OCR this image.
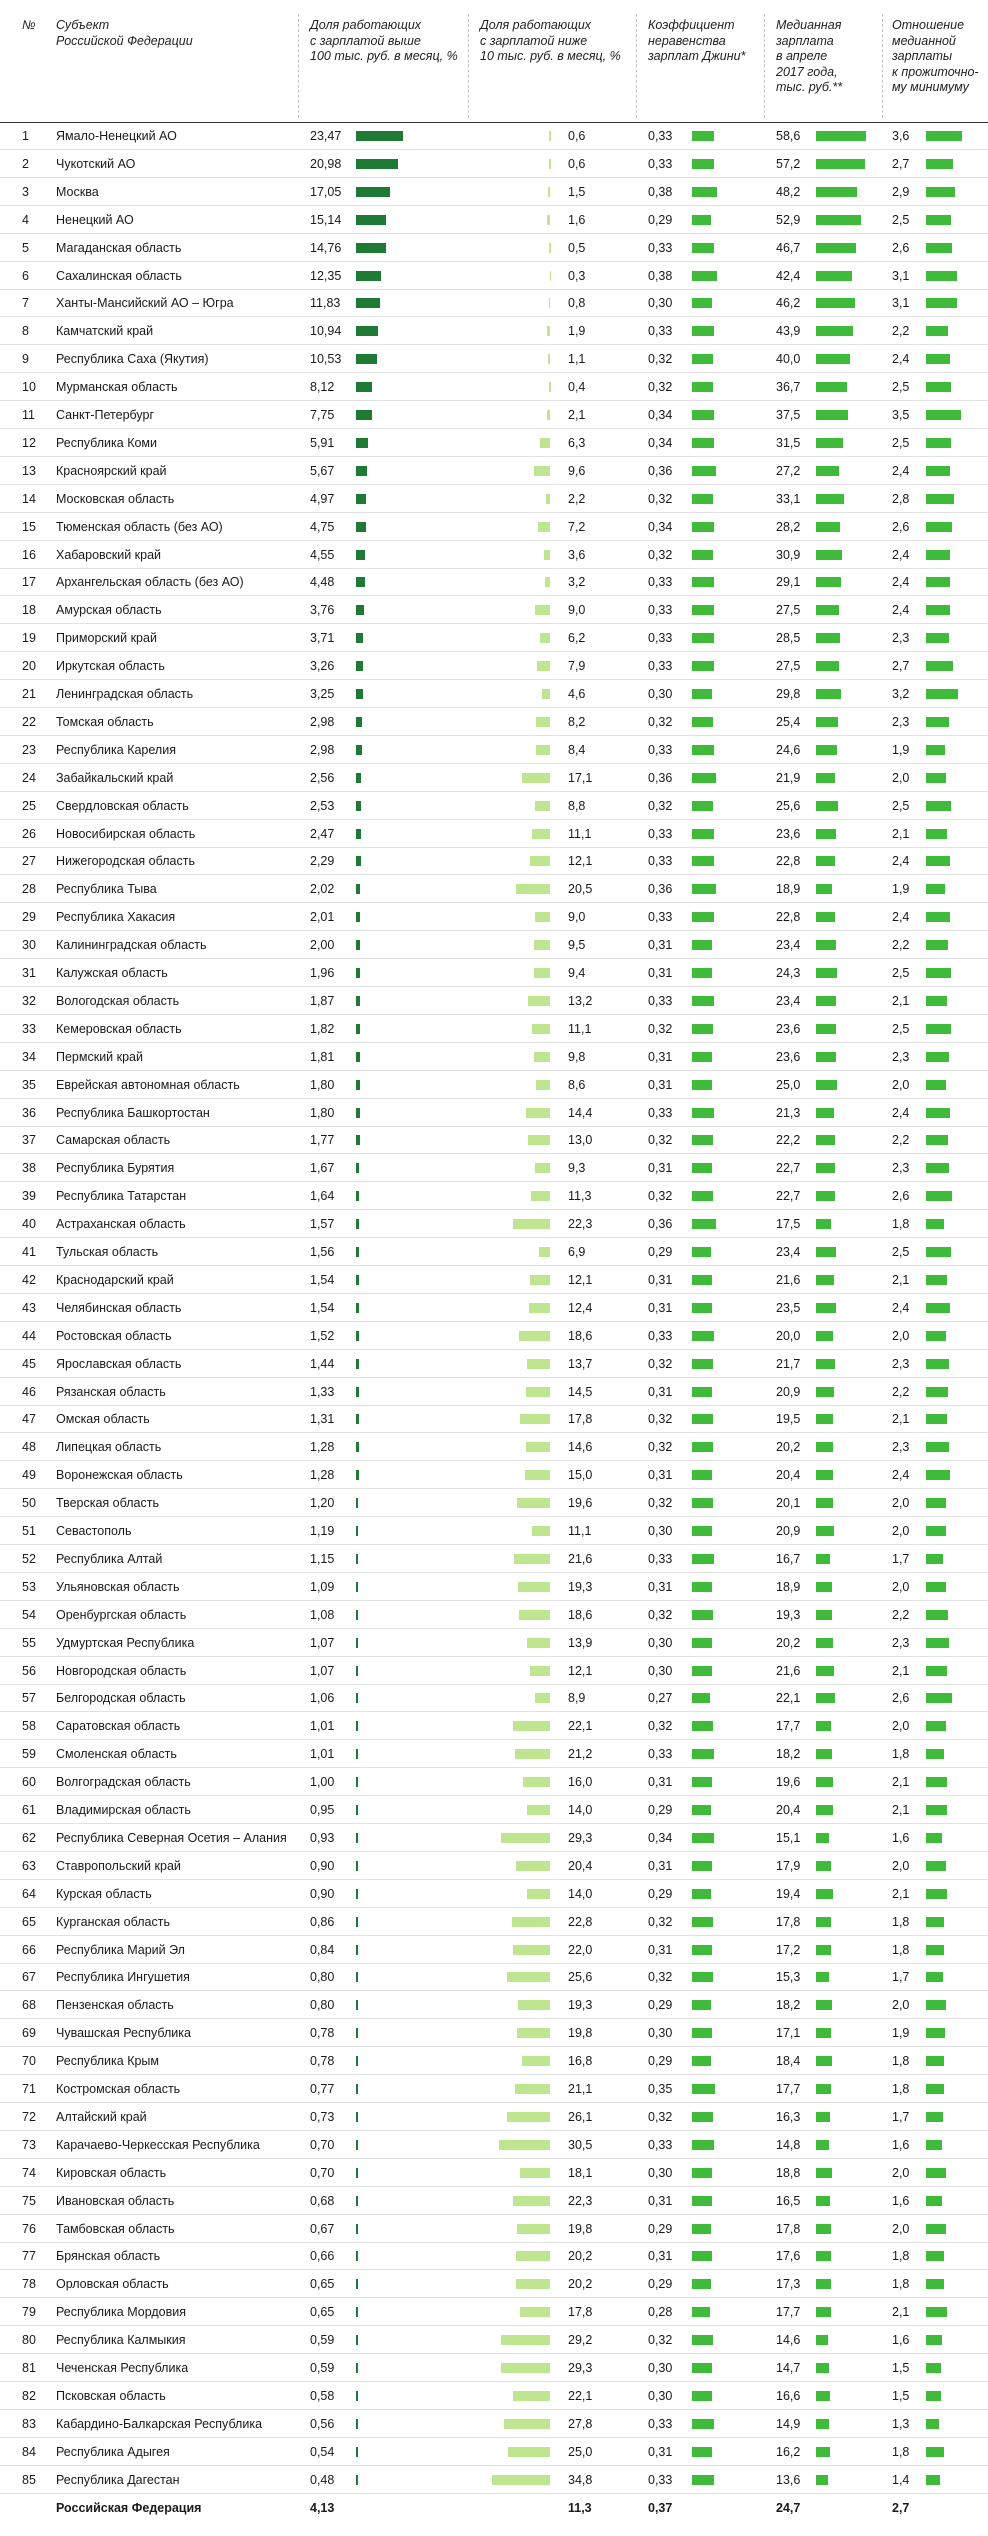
№ Субъект
Российской Федерации
Доля работающих
с зарплатой выше
100 тыс. руб. в месяц, %
Доля работающих
с зарплатой ниже
10 тыс. руб. в месяц, %
Коэффициент
неравенства
зарплат Джини*
Медианная
зарплата
в апреле
2017 года,
тыс. руб.**
Отношение
медианной
зарплаты
к прожиточно-
му минимуму
1 Ямало-Ненецкий АО	23,47	0,6	0,33	58,6	3,6
2 Чукотский АО	20,98	0,6	0,33	57,2	2,7
3 Москва	17,05	1,5	0,38	48,2	2,9
4 Ненецкий АО	15,14	1,6	0,29	52,9	2,5
5 Магаданская область	14,76	0,5	0,33	46,7	2,6
6 Сахалинская область	12,35	0,3	0,38	42,4	3,1
7 Ханты-Мансийский АО – Югра	11,83	0,8	0,30	46,2	3,1
8 Камчатский край	10,94	1,9	0,33	43,9	2,2
9 Республика Саха (Якутия)	10,53	1,1	0,32	40,0	2,4
10 Мурманская область	8,12	0,4	0,32	36,7	2,5
11 Санкт-Петербург	7,75	2,1	0,34	37,5	3,5
12 Республика Коми	5,91	6,3	0,34	31,5	2,5
13 Красноярский край	5,67	9,6	0,36	27,2	2,4
14 Московская область	4,97	2,2	0,32	33,1	2,8
15 Тюменская область (без АО)	4,75	7,2	0,34	28,2	2,6
16 Хабаровский край	4,55	3,6	0,32	30,9	2,4
17 Архангельская область (без АО)	4,48	3,2	0,33	29,1	2,4
18 Амурская область	3,76	9,0	0,33	27,5	2,4
19 Приморский край	3,71	6,2	0,33	28,5	2,3
20 Иркутская область	3,26	7,9	0,33	27,5	2,7
21 Ленинградская область	3,25	4,6	0,30	29,8	3,2
22 Томская область	2,98	8,2	0,32	25,4	2,3
23 Республика Карелия	2,98	8,4	0,33	24,6	1,9
24 Забайкальский край	2,56	17,1	0,36	21,9	2,0
25 Свердловская область	2,53	8,8	0,32	25,6	2,5
26 Новосибирская область	2,47	11,1	0,33	23,6	2,1
27 Нижегородская область	2,29	12,1	0,33	22,8	2,4
28 Республика Тыва	2,02	20,5	0,36	18,9	1,9
29 Республика Хакасия	2,01	9,0	0,33	22,8	2,4
30 Калининградская область	2,00	9,5	0,31	23,4	2,2
31 Калужская область	1,96	9,4	0,31	24,3	2,5
32 Вологодская область	1,87	13,2	0,33	23,4	2,1
33 Кемеровская область	1,82	11,1	0,32	23,6	2,5
34 Пермский край	1,81	9,8	0,31	23,6	2,3
35 Еврейская автономная область	1,80	8,6	0,31	25,0	2,0
36 Республика Башкортостан	1,80	14,4	0,33	21,3	2,4
37 Самарская область	1,77	13,0	0,32	22,2	2,2
38 Республика Бурятия	1,67	9,3	0,31	22,7	2,3
39 Республика Татарстан	1,64	11,3	0,32	22,7	2,6
40 Астраханская область	1,57	22,3	0,36	17,5	1,8
41 Тульская область	1,56	6,9	0,29	23,4	2,5
42 Краснодарский край	1,54	12,1	0,31	21,6	2,1
43 Челябинская область	1,54	12,4	0,31	23,5	2,4
44 Ростовская область	1,52	18,6	0,33	20,0	2,0
45 Ярославская область	1,44	13,7	0,32	21,7	2,3
46 Рязанская область	1,33	14,5	0,31	20,9	2,2
47 Омская область	1,31	17,8	0,32	19,5	2,1
48 Липецкая область	1,28	14,6	0,32	20,2	2,3
49 Воронежская область	1,28	15,0	0,31	20,4	2,4
50 Тверская область	1,20	19,6	0,32	20,1	2,0
51 Севастополь	1,19	11,1	0,30	20,9	2,0
52 Республика Алтай	1,15	21,6	0,33	16,7	1,7
53 Ульяновская область	1,09	19,3	0,31	18,9	2,0
54 Оренбургская область	1,08	18,6	0,32	19,3	2,2
55 Удмуртская Республика	1,07	13,9	0,30	20,2	2,3
56 Новгородская область	1,07	12,1	0,30	21,6	2,1
57 Белгородская область	1,06	8,9	0,27	22,1	2,6
58 Саратовская область	1,01	22,1	0,32	17,7	2,0
59 Смоленская область	1,01	21,2	0,33	18,2	1,8
60 Волгоградская область	1,00	16,0	0,31	19,6	2,1
61 Владимирская область	0,95	14,0	0,29	20,4	2,1
62 Республика Северная Осетия – Алания 0,93	29,3	0,34	15,1	1,6
63 Ставропольский край	0,90	20,4	0,31	17,9	2,0
64 Курская область	0,90	14,0	0,29	19,4	2,1
65 Курганская область	0,86	22,8	0,32	17,8	1,8
66 Республика Марий Эл	0,84	22,0	0,31	17,2	1,8
67 Республика Ингушетия	0,80	25,6	0,32	15,3	1,7
68 Пензенская область	0,80	19,3	0,29	18,2	2,0
69 Чувашская Республика	0,78	19,8	0,30	17,1	1,9
70 Республика Крым	0,78	16,8	0,29	18,4	1,8
71 Костромская область	0,77	21,1	0,35	17,7	1,8
72 Алтайский край	0,73	26,1	0,32	16,3	1,7
73 Карачаево-Черкесская Республика	0,70	30,5	0,33	14,8	1,6
74 Кировская область	0,70	18,1	0,30	18,8	2,0
75 Ивановская область	0,68	22,3	0,31	16,5	1,6
76 Тамбовская область	0,67	19,8	0,29	17,8	2,0
77 Брянская область	0,66	20,2	0,31	17,6	1,8
78 Орловская область	0,65	20,2	0,29	17,3	1,8
79 Республика Мордовия	0,65	17,8	0,28	17,7	2,1
80 Республика Калмыкия	0,59	29,2	0,32	14,6	1,6
81 Чеченская Республика	0,59	29,3	0,30	14,7	1,5
82 Псковская область	0,58	22,1	0,30	16,6	1,5
83 Кабардино-Балкарская Республика	0,56	27,8	0,33	14,9	1,3
84 Республика Адыгея	0,54	25,0	0,31	16,2	1,8
85 Республика Дагестан	0,48	34,8	0,33	13,6	1,4
Российская Федерация	4,13	11,3	0,37	24,7	2,7
